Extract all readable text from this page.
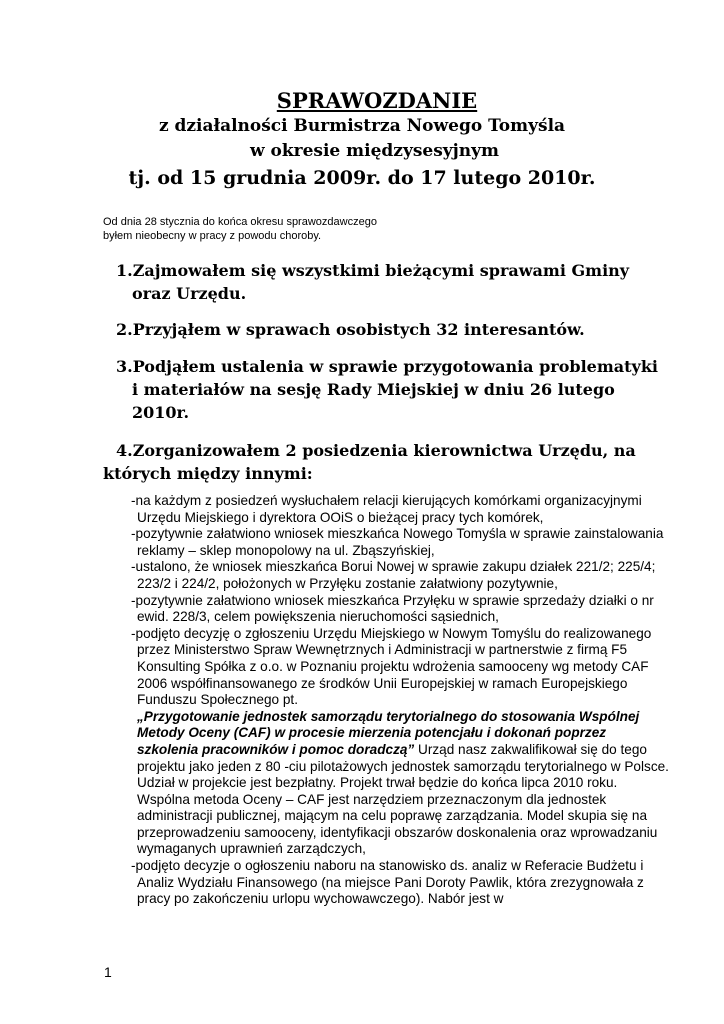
SPRAWOZDANIE
z działalności Burmistrza Nowego Tomyśla
w okresie międzysesyjnym
tj. od 15 grudnia 2009r. do 17 lutego 2010r.
Od dnia 28 stycznia do końca okresu sprawozdawczego
byłem nieobecny w pracy z powodu choroby.
1.Zajmowałem się wszystkimi bieżącymi sprawami Gminy
oraz Urzędu.
2.Przyjąłem w sprawach osobistych 32 interesantów.
3.Podjąłem ustalenia w sprawie przygotowania problematyki
i materiałów na sesję Rady Miejskiej w dniu 26 lutego
2010r.
4.Zorganizowałem 2 posiedzenia kierownictwa Urzędu, na
których między innymi:
-na każdym z posiedzeń wysłuchałem relacji kierujących komórkami organizacyjnymi Urzędu Miejskiego i dyrektora OOiS o bieżącej pracy tych komórek,
-pozytywnie załatwiono wniosek mieszkańca Nowego Tomyśla w sprawie zainstalowania reklamy – sklep monopolowy na ul. Zbąszyńskiej,
-ustalono, że wniosek mieszkańca Boruі Nowej w sprawie zakupu działek 221/2; 225/4; 223/2 i 224/2, położonych w Przyłęku zostanie załatwiony pozytywnie,
-pozytywnie załatwiono wniosek mieszkańca Przyłęku w sprawie sprzedaży działki o nr ewid. 228/3, celem powiększenia nieruchomości sąsiednich,
-podjęto decyzję o zgłoszeniu Urzędu Miejskiego w Nowym Tomyślu do realizowanego przez Ministerstwo Spraw Wewnętrznych i Administracji w partnerstwie z firmą F5 Konsulting Spółka z o.o. w Poznaniu projektu wdrożenia samooceny wg metody CAF 2006 współfinansowanego ze środków Unii Europejskiej w ramach Europejskiego Funduszu Społecznego pt.
„Przygotowanie jednostek samorządu terytorialnego do stosowania Wspólnej Metody Oceny (CAF) w procesie mierzenia potencjału i dokonań poprzez szkolenia pracowników i pomoc doradczą” Urząd nasz zakwalifikował się do tego projektu jako jeden z 80 -ciu pilotażowych jednostek samorządu terytorialnego w Polsce. Udział w projekcie jest bezpłatny. Projekt trwał będzie do końca lipca 2010 roku. Wspólna metoda Oceny – CAF jest narzędziem przeznaczonym dla jednostek administracji publicznej, mającym na celu poprawę zarządzania. Model skupia się na przeprowadzeniu samooceny, identyfikacji obszarów doskonalenia oraz wprowadzaniu wymaganych uprawnień zarządczych,
-podjęto decyzje o ogłoszeniu naboru na stanowisko ds. analiz w Referacie Budżetu i Analiz Wydziału Finansowego (na miejsce Pani Doroty Pawlik, która zrezygnowała z pracy po zakończeniu urlopu wychowawczego). Nabór jest w
1
